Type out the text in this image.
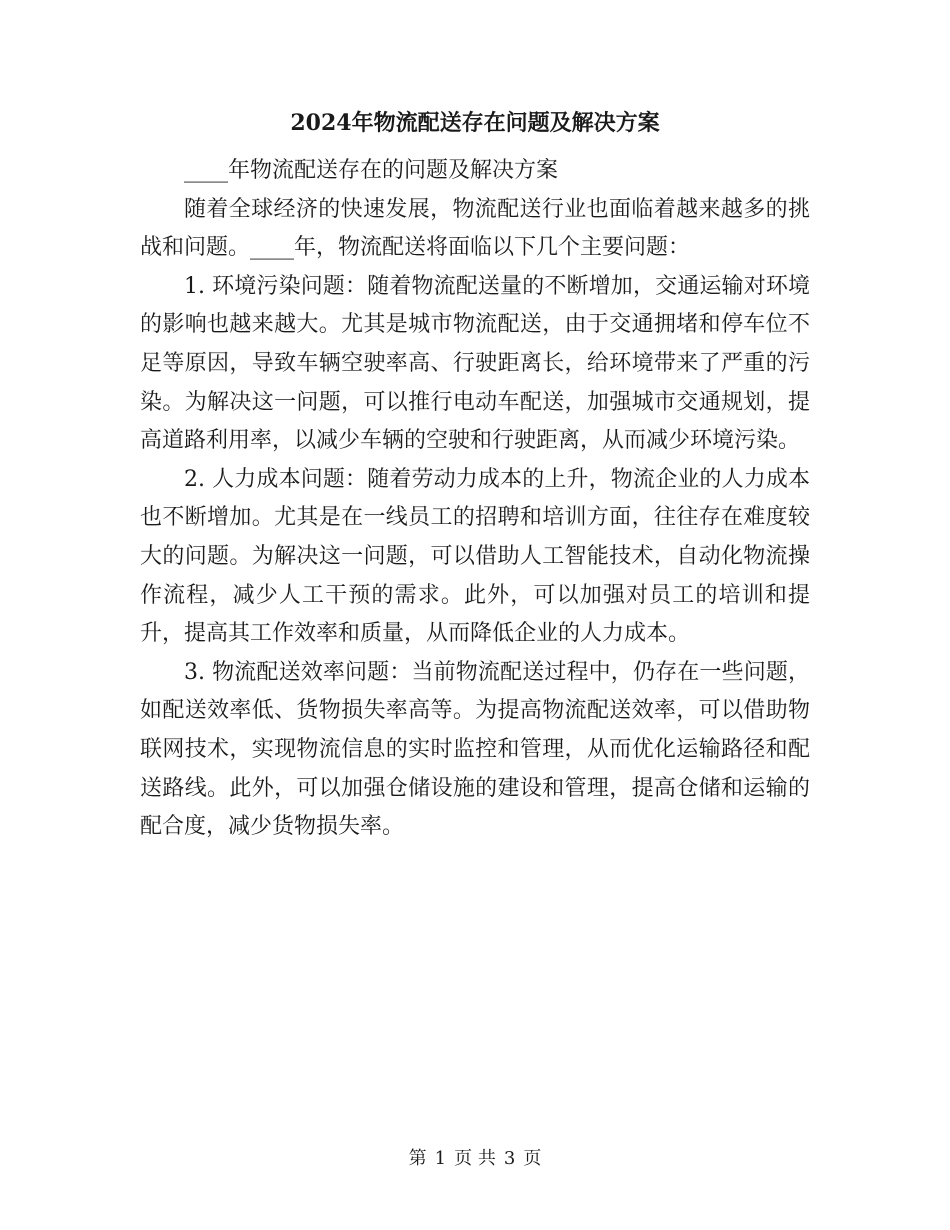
2024年物流配送存在问题及解决方案

____年物流配送存在的问题及解决方案

随着全球经济的快速发展，物流配送行业也面临着越来越多的挑战和问题。____年，物流配送将面临以下几个主要问题：

1. 环境污染问题：随着物流配送量的不断增加，交通运输对环境的影响也越来越大。尤其是城市物流配送，由于交通拥堵和停车位不足等原因，导致车辆空驶率高、行驶距离长，给环境带来了严重的污染。为解决这一问题，可以推行电动车配送，加强城市交通规划，提高道路利用率，以减少车辆的空驶和行驶距离，从而减少环境污染。

2. 人力成本问题：随着劳动力成本的上升，物流企业的人力成本也不断增加。尤其是在一线员工的招聘和培训方面，往往存在难度较大的问题。为解决这一问题，可以借助人工智能技术，自动化物流操作流程，减少人工干预的需求。此外，可以加强对员工的培训和提升，提高其工作效率和质量，从而降低企业的人力成本。

3. 物流配送效率问题：当前物流配送过程中，仍存在一些问题，如配送效率低、货物损失率高等。为提高物流配送效率，可以借助物联网技术，实现物流信息的实时监控和管理，从而优化运输路径和配送路线。此外，可以加强仓储设施的建设和管理，提高仓储和运输的配合度，减少货物损失率。

第 1 页 共 3 页
